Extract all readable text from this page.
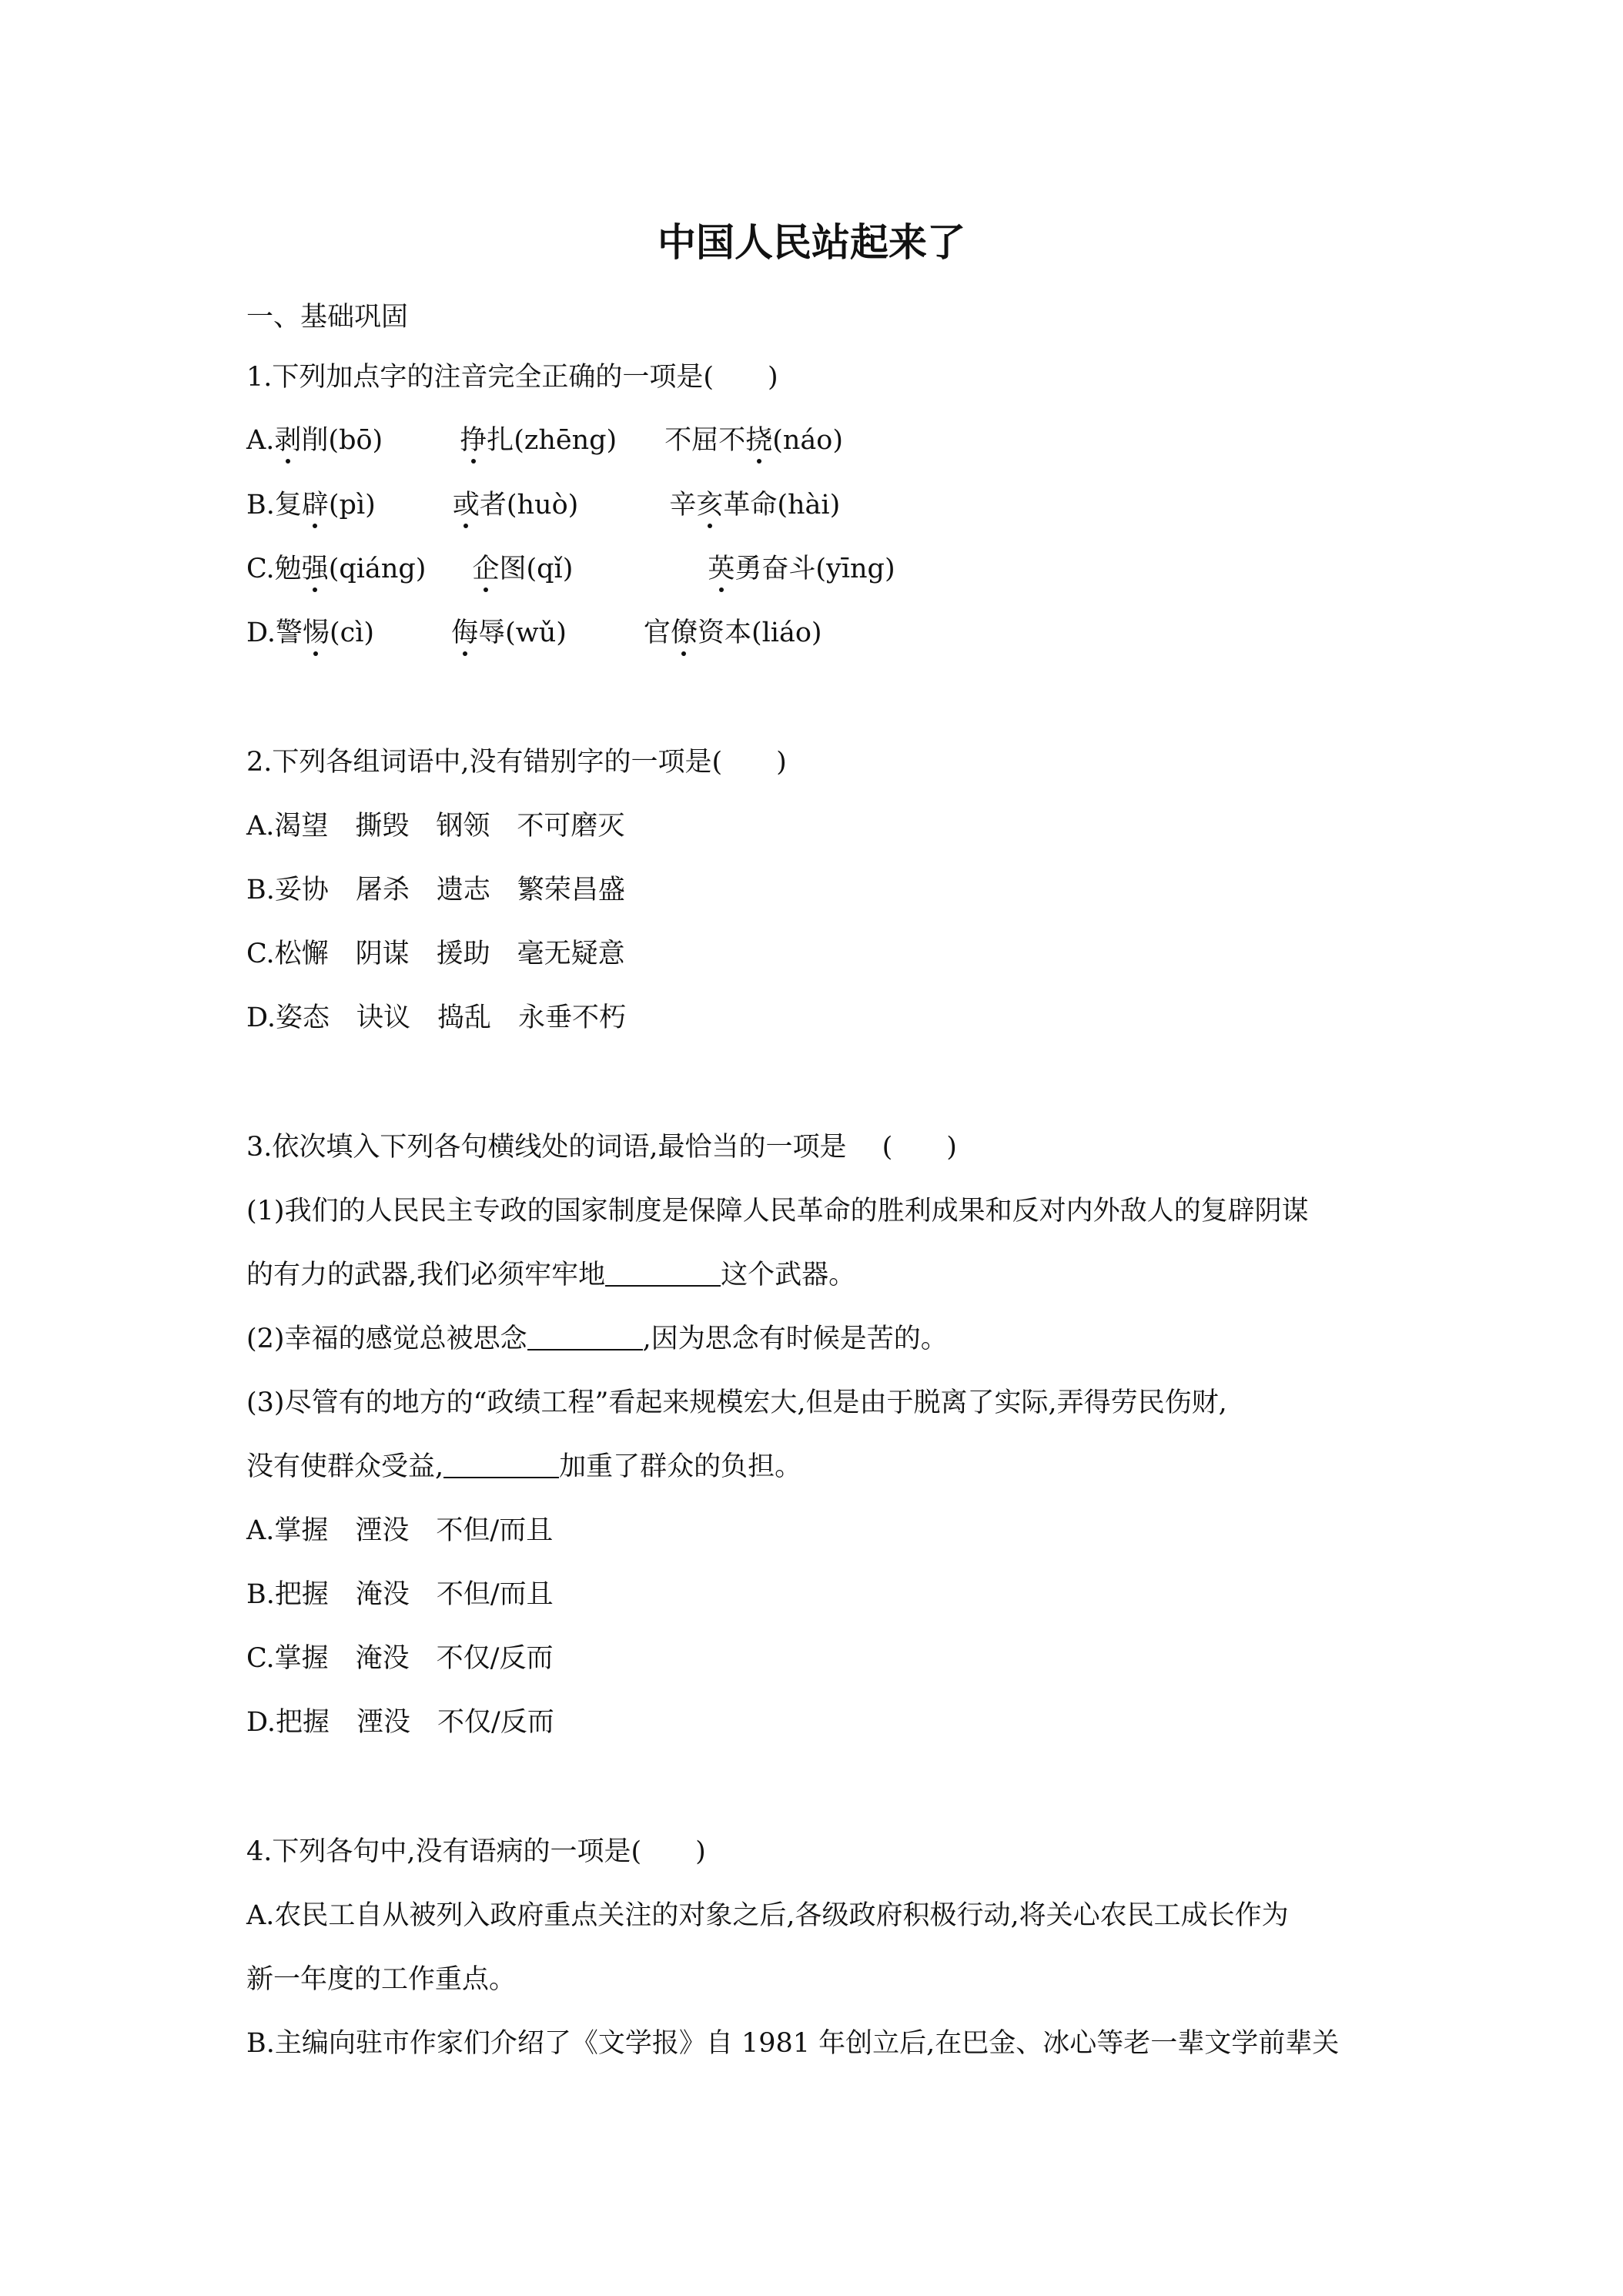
中国人民站起来了
一、基础巩固
1.下列加点字的注音完全正确的一项是(　　)
A.剥削(bō)	挣扎(zhēng) 不屈不挠(náo)
B.复辟(pì)	或者(huò)	辛亥革命(hài)
C.勉强(qiáng) 企图(qǐ)	英勇奋斗(yīng)
D.警惕(cì)	侮辱(wǔ)	官僚资本(liáo)
2.下列各组词语中,没有错别字的一项是(　　)
A.渴望　撕毁　钢领　不可磨灭
B.妥协　屠杀　遗志　繁荣昌盛
C.松懈　阴谋　援助　毫无疑意
D.姿态　诀议　捣乱　永垂不朽
3.依次填入下列各句横线处的词语,最恰当的一项是　 (　　)
(1)我们的人民民主专政的国家制度是保障人民革命的胜利成果和反对内外敌人的复辟阴谋
的有力的武器,我们必须牢牢地	这个武器。
(2)幸福的感觉总被思念	,因为思念有时候是苦的。
(3)尽管有的地方的“政绩工程”看起来规模宏大,但是由于脱离了实际,弄得劳民伤财,
没有使群众受益,	加重了群众的负担。
A.掌握　湮没　不但/而且
B.把握　淹没　不但/而且
C.掌握　淹没　不仅/反而
D.把握　湮没　不仅/反而
4.下列各句中,没有语病的一项是(　　)
A.农民工自从被列入政府重点关注的对象之后,各级政府积极行动,将关心农民工成长作为
新一年度的工作重点。
B.主编向驻市作家们介绍了《文学报》自 1981 年创立后,在巴金、冰心等老一辈文学前辈关
